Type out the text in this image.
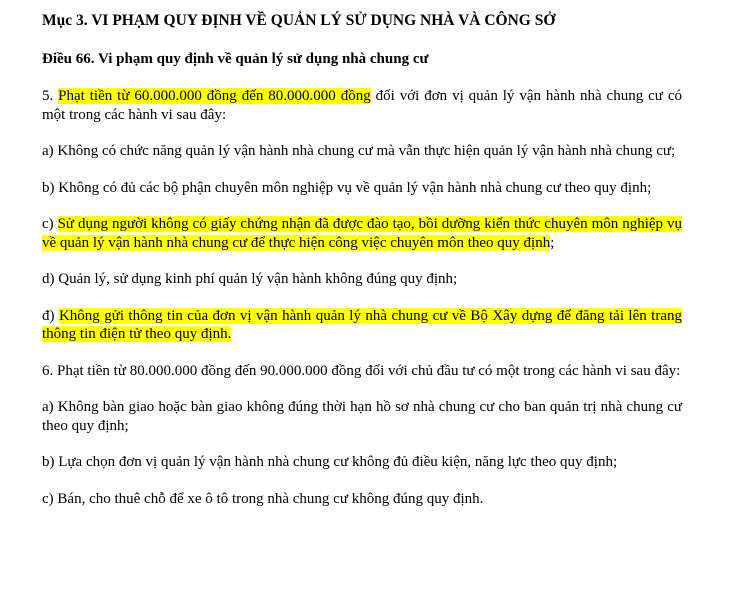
Mục 3. VI PHẠM QUY ĐỊNH VỀ QUẢN LÝ SỬ DỤNG NHÀ VÀ CÔNG SỞ

Điều 66. Vi phạm quy định về quản lý sử dụng nhà chung cư

5. Phạt tiền từ 60.000.000 đồng đến 80.000.000 đồng đối với đơn vị quản lý vận hành nhà chung cư có một trong các hành vi sau đây:

a) Không có chức năng quản lý vận hành nhà chung cư mà vẫn thực hiện quản lý vận hành nhà chung cư;

b) Không có đủ các bộ phận chuyên môn nghiệp vụ về quản lý vận hành nhà chung cư theo quy định;

c) Sử dụng người không có giấy chứng nhận đã được đào tạo, bồi dưỡng kiến thức chuyên môn nghiệp vụ về quản lý vận hành nhà chung cư để thực hiện công việc chuyên môn theo quy định;

d) Quản lý, sử dụng kinh phí quản lý vận hành không đúng quy định;

đ) Không gửi thông tin của đơn vị vận hành quản lý nhà chung cư về Bộ Xây dựng để đăng tải lên trang thông tin điện tử theo quy định.

6. Phạt tiền từ 80.000.000 đồng đến 90.000.000 đồng đối với chủ đầu tư có một trong các hành vi sau đây:

a) Không bàn giao hoặc bàn giao không đúng thời hạn hồ sơ nhà chung cư cho ban quản trị nhà chung cư theo quy định;

b) Lựa chọn đơn vị quản lý vận hành nhà chung cư không đủ điều kiện, năng lực theo quy định;

c) Bán, cho thuê chỗ để xe ô tô trong nhà chung cư không đúng quy định.
